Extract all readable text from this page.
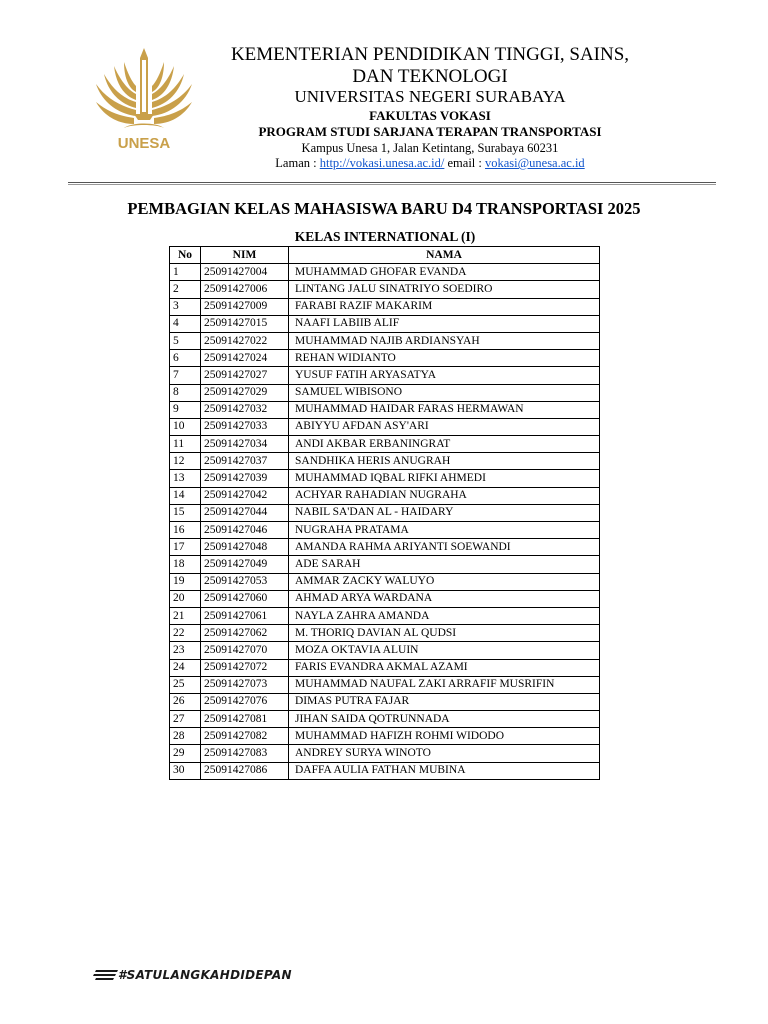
UNESA
KEMENTERIAN PENDIDIKAN TINGGI, SAINS,
DAN TEKNOLOGI
UNIVERSITAS NEGERI SURABAYA
FAKULTAS VOKASI
PROGRAM STUDI SARJANA TERAPAN TRANSPORTASI
Kampus Unesa 1, Jalan Ketintang, Surabaya 60231
Laman : http://vokasi.unesa.ac.id/ email : vokasi@unesa.ac.id
PEMBAGIAN KELAS MAHASISWA BARU D4 TRANSPORTASI 2025
KELAS INTERNATIONAL (I)
No	NIM	NAMA
1	25091427004	MUHAMMAD GHOFAR EVANDA
2	25091427006	LINTANG JALU SINATRIYO SOEDIRO
3	25091427009	FARABI RAZIF MAKARIM
4	25091427015	NAAFI LABIIB ALIF
5	25091427022	MUHAMMAD NAJIB ARDIANSYAH
6	25091427024	REHAN WIDIANTO
7	25091427027	YUSUF FATIH ARYASATYA
8	25091427029	SAMUEL WIBISONO
9	25091427032	MUHAMMAD HAIDAR FARAS HERMAWAN
10	25091427033	ABIYYU AFDAN ASY'ARI
11	25091427034	ANDI AKBAR ERBANINGRAT
12	25091427037	SANDHIKA HERIS ANUGRAH
13	25091427039	MUHAMMAD IQBAL RIFKI AHMEDI
14	25091427042	ACHYAR RAHADIAN NUGRAHA
15	25091427044	NABIL SA'DAN AL - HAIDARY
16	25091427046	NUGRAHA PRATAMA
17	25091427048	AMANDA RAHMA ARIYANTI SOEWANDI
18	25091427049	ADE SARAH
19	25091427053	AMMAR ZACKY WALUYO
20	25091427060	AHMAD ARYA WARDANA
21	25091427061	NAYLA ZAHRA AMANDA
22	25091427062	M. THORIQ DAVIAN AL QUDSI
23	25091427070	MOZA OKTAVIA ALUIN
24	25091427072	FARIS EVANDRA AKMAL AZAMI
25	25091427073	MUHAMMAD NAUFAL ZAKI ARRAFIF MUSRIFIN
26	25091427076	DIMAS PUTRA FAJAR
27	25091427081	JIHAN SAIDA QOTRUNNADA
28	25091427082	MUHAMMAD HAFIZH ROHMI WIDODO
29	25091427083	ANDREY SURYA WINOTO
30	25091427086	DAFFA AULIA FATHAN MUBINA
#SATULANGKAHDIDEPAN
